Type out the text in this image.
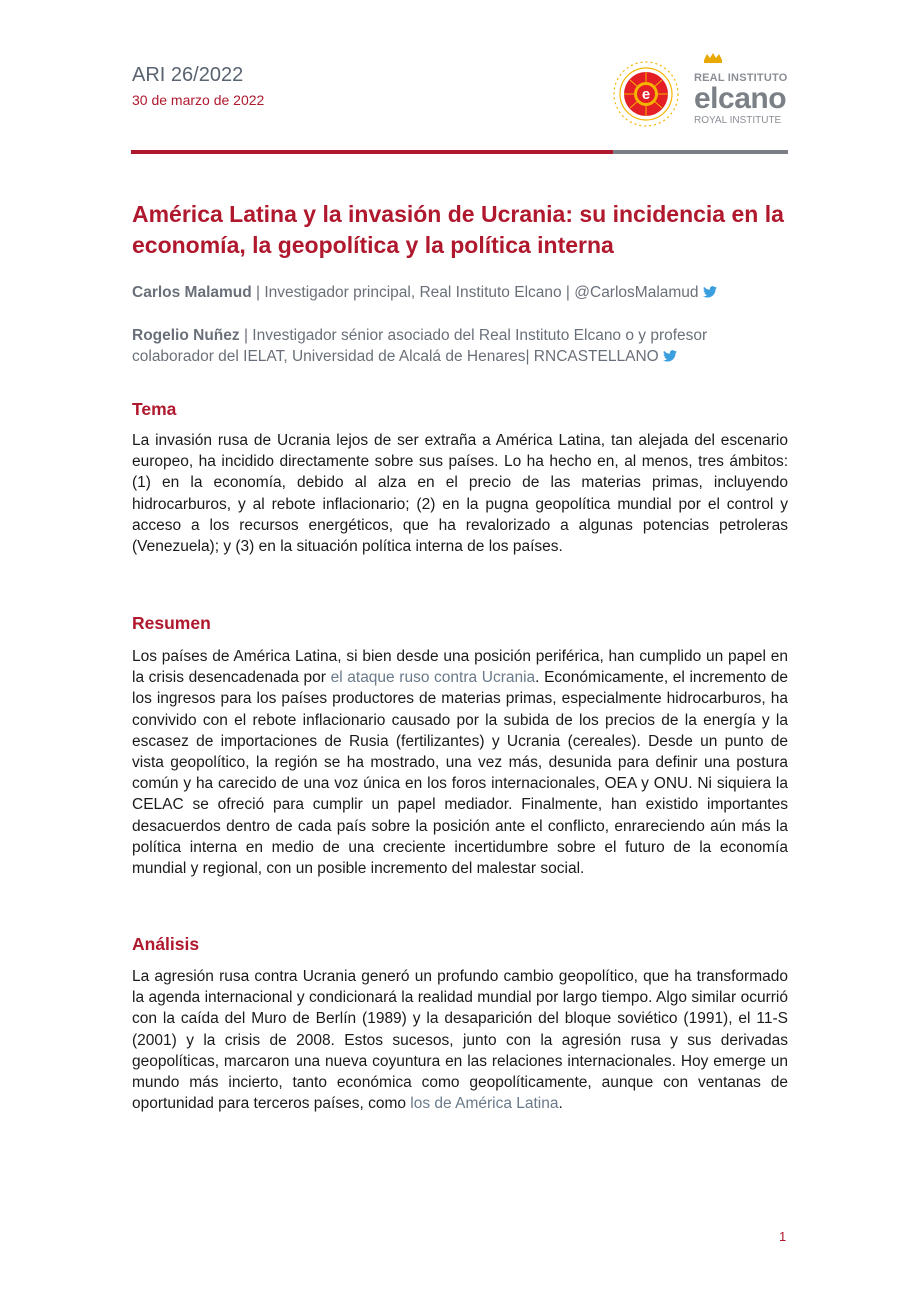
ARI 26/2022
30 de marzo de 2022	e
REAL INSTITUTO
elcano
ROYAL INSTITUTE
América Latina y la invasión de Ucrania: su incidencia en la economía, la geopolítica y la política interna
Carlos Malamud | Investigador principal, Real Instituto Elcano | @CarlosMalamud
Rogelio Nuñez | Investigador sénior asociado del Real Instituto Elcano o y profesor colaborador del IELAT, Universidad de Alcalá de Henares| RNCASTELLANO
Tema

La invasión rusa de Ucrania lejos de ser extraña a América Latina, tan alejada del escenario europeo, ha incidido directamente sobre sus países. Lo ha hecho en, al menos, tres ámbitos: (1) en la economía, debido al alza en el precio de las materias primas, incluyendo hidrocarburos, y al rebote inflacionario; (2) en la pugna geopolítica mundial por el control y acceso a los recursos energéticos, que ha revalorizado a algunas potencias petroleras (Venezuela); y (3) en la situación política interna de los países.

Resumen

Los países de América Latina, si bien desde una posición periférica, han cumplido un papel en la crisis desencadenada por el ataque ruso contra Ucrania. Económicamente, el incremento de los ingresos para los países productores de materias primas, especialmente hidrocarburos, ha convivido con el rebote inflacionario causado por la subida de los precios de la energía y la escasez de importaciones de Rusia (fertilizantes) y Ucrania (cereales). Desde un punto de vista geopolítico, la región se ha mostrado, una vez más, desunida para definir una postura común y ha carecido de una voz única en los foros internacionales, OEA y ONU. Ni siquiera la CELAC se ofreció para cumplir un papel mediador. Finalmente, han existido importantes desacuerdos dentro de cada país sobre la posición ante el conflicto, enrareciendo aún más la política interna en medio de una creciente incertidumbre sobre el futuro de la economía mundial y regional, con un posible incremento del malestar social.

Análisis

La agresión rusa contra Ucrania generó un profundo cambio geopolítico, que ha transformado la agenda internacional y condicionará la realidad mundial por largo tiempo. Algo similar ocurrió con la caída del Muro de Berlín (1989) y la desaparición del bloque soviético (1991), el 11-S (2001) y la crisis de 2008. Estos sucesos, junto con la agresión rusa y sus derivadas geopolíticas, marcaron una nueva coyuntura en las relaciones internacionales. Hoy emerge un mundo más incierto, tanto económica como geopolíticamente, aunque con ventanas de oportunidad para terceros países, como los de América Latina.

1
